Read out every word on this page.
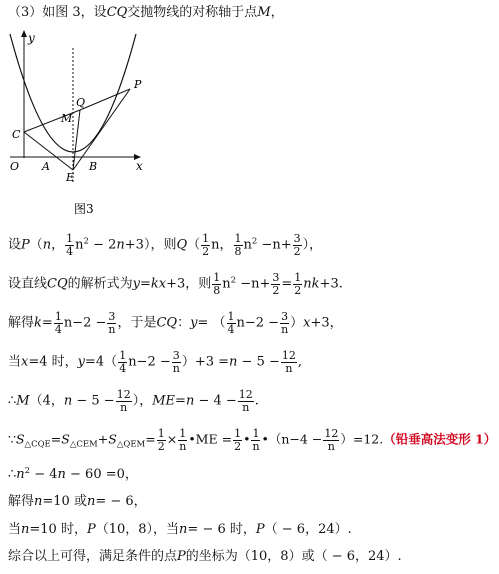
（3）如图 3，设CQ交抛物线的对称轴于点M，
y
x
O A	B
C
E
M
Q
P
图3
设P（n， $\frac{1}{4} n^2 - 2n+3$），则$Q( \frac{1}{2}$ n， $\frac{1}{8} n^2 -n+ \frac{3}{2}$ ），
设直线CQ的解析式为y=kx+3，则 $\frac{1}{8} n^2 -n+ \frac{3}{2} = \frac{1}{2} nk+3$.
解得$k= \frac{1}{4} n-2 - \frac{3}{n}$ ，于是CQ：y= （ $\frac{1}{4} n-2 - \frac{3}{n} )x+3$，
当x=4 时，$y=4( \frac{1}{4} n-2 - \frac{3}{n} )+3 =n - 5 - \frac{12}{n}$ ,
∴M（4，$n - 5 - \frac{12}{n}$ ），$ME=n - 4 - \frac{12}{n}$ .
$\because S_{\triangle CQE}=S_{\triangle CEM}+S_{\triangle QEM}= \frac{1}{2} \times \frac{1}{n}$ •ME = $\frac{1}{2}$ • $\frac{1}{n}$ •（n−4 − $\frac{12}{n} )=12$.（铅垂高法变形 1）
$\therefore n^2 - 4n - 60 =0$，
解得n=10 或n= − 6，
当n=10 时，P（10，8），当n= − 6 时，P（ − 6，24）.
综合以上可得，满足条件的点P的坐标为（10，8）或（ − 6，24）.
